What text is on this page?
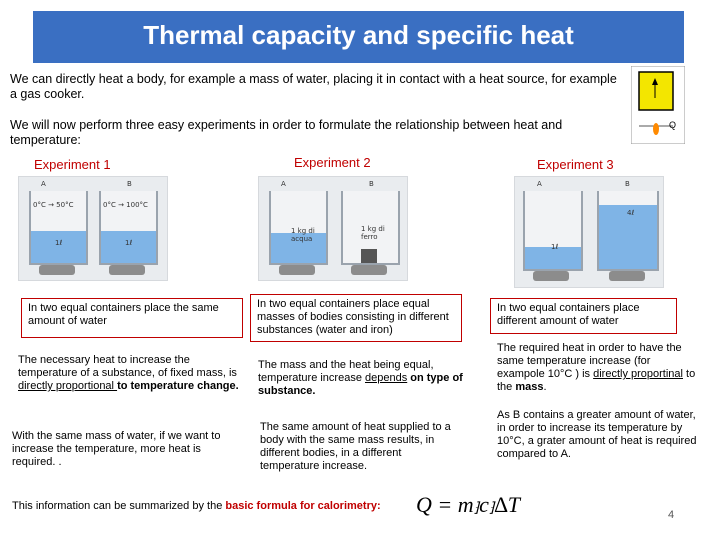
Thermal capacity and specific heat
We can directly heat a body, for example a mass of water, placing it in contact with a heat source, for example a gas cooker.
We will now perform three easy experiments in order to formulate the relationship between heat and temperature:
Q
Experiment 1	Experiment 2	Experiment 3
A	B
0°C → 50°C	0°C → 100°C
1ℓ	1ℓ
A	B
1 kg di acqua
1 kg di ferro
A	B
1ℓ
4ℓ
In two equal containers place the same amount of water
In two equal containers place equal masses of bodies consisting in different substances (water and iron)
In two equal containers place different amount of water
The necessary heat to increase the temperature of a substance, of fixed mass, is directly proportional to temperature change.
The mass and the heat being equal, temperature increase depends on type of substance.
The required heat in order to have the same temperature increase (for exampole 10°C ) is directly proportinal to the mass.
With the same mass of water, if we want to increase the temperature, more heat is required. .
The same amount of heat supplied to a body with the same mass results, in different bodies, in a different temperature increase.
As B contains a greater amount of water, in order to increase its temperature by 10°C, a grater amount of heat is required compared to A.
This information can be summarized by the basic formula for calorimetry: Q = m⁆c⁆∆T	4
